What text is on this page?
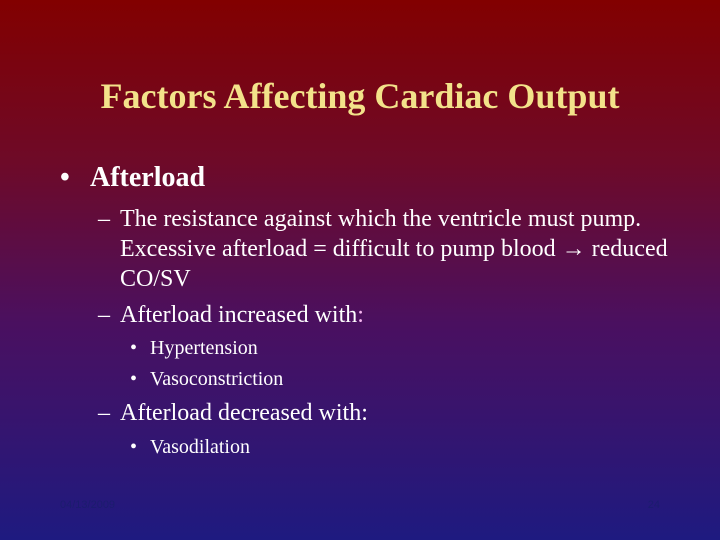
Factors Affecting Cardiac Output
• Afterload
– The resistance against which the ventricle must pump. Excessive afterload = difficult to pump blood → reduced CO/SV
– Afterload increased with:
• Hypertension
• Vasoconstriction
– Afterload decreased with:
• Vasodilation
04/13/2009	24
